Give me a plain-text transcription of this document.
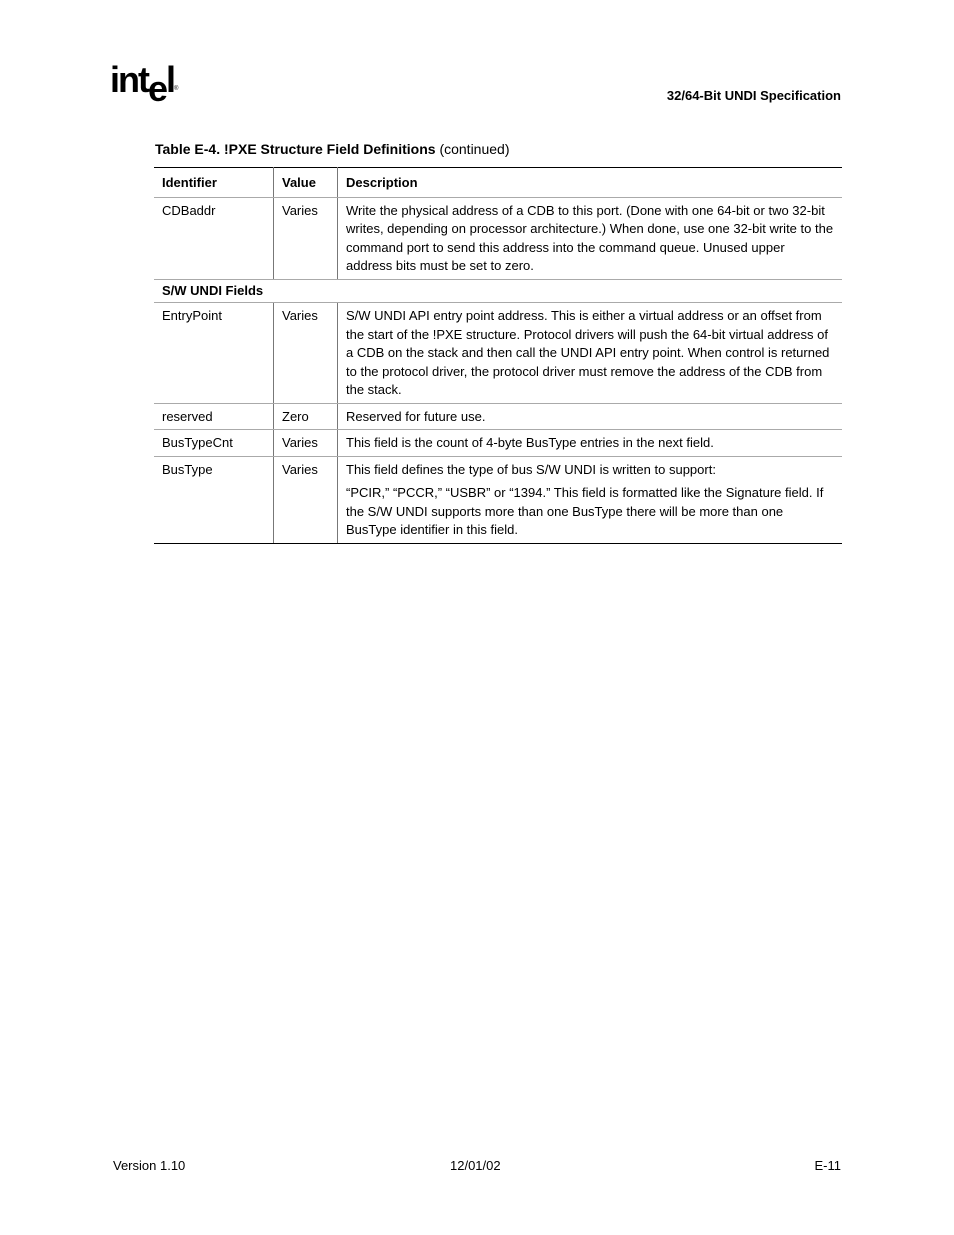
intel®	32/64-Bit UNDI Specification
Table E-4. !PXE Structure Field Definitions (continued)
Identifier	Value	Description
CDBaddr	Varies	Write the physical address of a CDB to this port. (Done with one 64-bit or two 32-bit writes, depending on processor architecture.) When done, use one 32-bit write to the command port to send this address into the command queue. Unused upper address bits must be set to zero.
S/W UNDI Fields		
EntryPoint	Varies	S/W UNDI API entry point address. This is either a virtual address or an offset from the start of the !PXE structure. Protocol drivers will push the 64-bit virtual address of a CDB on the stack and then call the UNDI API entry point. When control is returned to the protocol driver, the protocol driver must remove the address of the CDB from the stack.
reserved	Zero	Reserved for future use.
BusTypeCnt	Varies	This field is the count of 4-byte BusType entries in the next field.
BusType	Varies	This field defines the type of bus S/W UNDI is written to support:
“PCIR,” “PCCR,” “USBR” or “1394.” This field is formatted like the Signature field. If the S/W UNDI supports more than one BusType there will be more than one BusType identifier in this field.
Version 1.10	12/01/02	E-11
